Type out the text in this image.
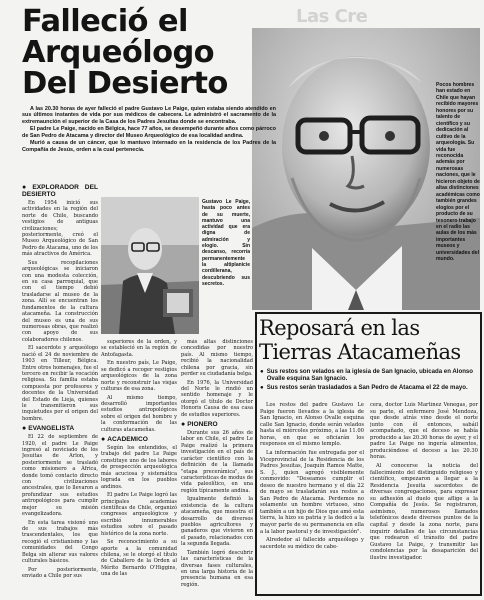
Falleció el
Arqueólogo
Del Desierto
Las Cre
Pocos hombres han estado en Chile que hayan recibido mayores honores por su talento de científico y su dedicación al cultivo de la arqueología. Su vida fue reconocida además por numerosas naciones, que le hicieron objeto de altas distinciones académicas como también grandes elogios por el producto de su tesonero trabajo en el radio las aulas de los más importantes museos y universidades del mundo.

A las 20.30 horas de ayer falleció el padre Gustavo Le Paige, quien estaba siendo atendido en sus últimos instantes de vida por sus médicos de cabecera. Le administró el sacramento de la extremaunción el superior de la Casa de los Padres Jesuitas donde se encontraba.

El padre Le Paige, nacido en Bélgica, hace 77 años, se desempeñó durante años como párroco de San Pedro de Atacama y director del Museo Arqueológico de esa localidad andina.

Murió a causa de un cáncer, que lo mantuvo internado en la residencia de los Padres de la Compañía de Jesús, orden a la cual pertenecía.

● EXPLORADOR DEL DESIERTO

En 1954 inició sus actividades en la región del norte de Chile, buscando vestigios de antiguas civilizaciones; posteriormente, creó el Museo Arqueológico de San Pedro de Atacama, uno de los más atractivos de América.

Sus recopilaciones arqueológicas se iniciaron con una modesta colección, en su casa parroquial, que con el tiempo debió trasladarse al museo de la zona. Allí se encuentran los fundamentos de la cultura atacameña. La construcción del museo es una de sus numerosas obras, que realizó con apoyo de sus colaboradores chilenos.

El sacerdote y arqueólogo nació el 24 de noviembre de 1903 en Tilleur, Bélgica. Entre otros homenajes, fue el tercero en recibir la vocación religiosa. Su familia estaba compuesta por profesores y docentes de la Universidad del Estado de Lieja, quienes le transmitieron sus inquietudes por el origen del hombre.

● EVANGELISTA

El 22 de septiembre de 1920, el padre Le Paige ingresó al noviciado de los Jesuitas de Arlon, y posteriormente se trasladó como misionero a África, donde tomó contacto directo con civilizaciones ancestrales, que lo llevaron a profundizar sus estudios antropológicos para cumplir mejor su misión evangelizadora.

En esta tarea visionó uno de sus trabajos más trascendentales, los que recogió el cristianismo y las comunidades del Congo Belga sin alterar sus valores culturales básicos.

Por posteriormente, enviado a Chile por sus

Gustavo Le Paige, hasta poco antes de su muerte, mantuvo una actividad que era digna de admiración y elogio. Sin descanso, recorría permanentemente la altiplanicie cordillerana, descubriendo sus secretos.

superiores de la orden, y se estableció en la región de Antofagasta.

En nuestro país, Le Paige, se dedicó a recoger vestigios arqueológicos de la zona norte y reconstruir las viejas culturas de esa zona.

Al mismo tiempo, desarrolló importantes estudios antropológicos sobre el origen del hombre y la conformación de las culturas atacameñas.

● ACADEMICO

Según los entendidos, el trabajo del padre Le Paige constituye uno de los labores de prospección arqueológica más acuciosa y sistemática lograda en los pueblos andinos.

El padre Le Paige logró las principales academias científicas de Chile, organizó congresos arqueológicos y escribió innumerables estudios sobre el pasado histórico de la zona norte.

Se reconocimiento a su aporte a la comunidad chilena, se le otorgó el título de Caballero de la Orden al Mérito Bernardo O'Higgins, una de las

más altas distinciones concedidas por nuestro país. Al mismo tiempo, recibió la nacionalidad chilena por gracia, sin perder su ciudadanía belga.

En 1976, la Universidad del Norte le rindió un sentido homenaje y le otorgó el título de Doctor Honoris Causa de esa casa de estudios superiores.

● PIONERO

Durante sus 26 años de labor en Chile, el padre Le Paige realizó la primera investigación en el país de carácter científico con la definición de la llamada "etapa precerámica", sus características de modus de vida paleolítico, en una región típicamente andina.

Igualmente definió la existencia de la cultura atacameña, que muestra el desarrollo de diversos pueblos agricultores y ganaderos que vivieron en el pasado, relacionados con la segunda llegada.

También logró descubrir las características de la diversas fases culturales, en una larga historia de la presencia humana en esa región.

Reposará en las
Tierras Atacameñas
● Sus restos son velados en la iglesia de San Ignacio, ubicada en Alonso Ovalle esquina San Ignacio.
● Sus restos serán trasladados a San Pedro de Atacama el 22 de mayo.

Los restos del padre Gustavo Le Paige fueron llevados a la iglesia de San Ignacio, en Alonso Ovalle esquina calle San Ignacio, donde serán velados hasta el miércoles próximo, a las 11.00 horas, en que se oficiarán los responsos en el mismo templo.

La información fue entregada por el Viceprovincial de la Residencia de los Padres Jesuitas, Joaquín Ramos Matte, S. J., quien agregó visiblemente conmovido: "Deseamos cumplir el deseo de nuestro hermano y el día 22 de mayo se trasladarán sus restos a San Pedro de Atacama. Perdemos no solamente un hombre virtuoso, sino también a un hijo de Dios que amó esta tierra, la hizo su patria y la dedicó a la mayor parte de su permanencia en ella a la labor pastoral y de investigación".

Alrededor al fallecido arqueólogo y sacerdote su médico de cabe-

cera, doctor Luis Martínez Venegas, por su parte, el enfermero José Mendoza, que desde atrás vino desde el norte junto con él entonces, sabáil acompañado, que el deceso se había producido a las 20.30 horas de ayer, y el padre Le Paige no ingería alimentos, produciéndose el deceso a las 20.30 horas.

Al conocerse la noticia del fallecimiento del distinguido religioso y científico, empezaron a llegar a la Residencia Jesuita sacerdotes de diversas congregaciones, para expresar su adhesión al duelo que aflige a la Compañía de Jesús. Se registraron, asimismo, numerosos llamados telefónicos desde diversos puntos de la capital y desde la zona norte, para inquirir detalles de las circunstancias que rodearon el tránsito del padre Gustavo Le Paige, y transmitir las condolencias por la desaparición del ilustre investigador.
